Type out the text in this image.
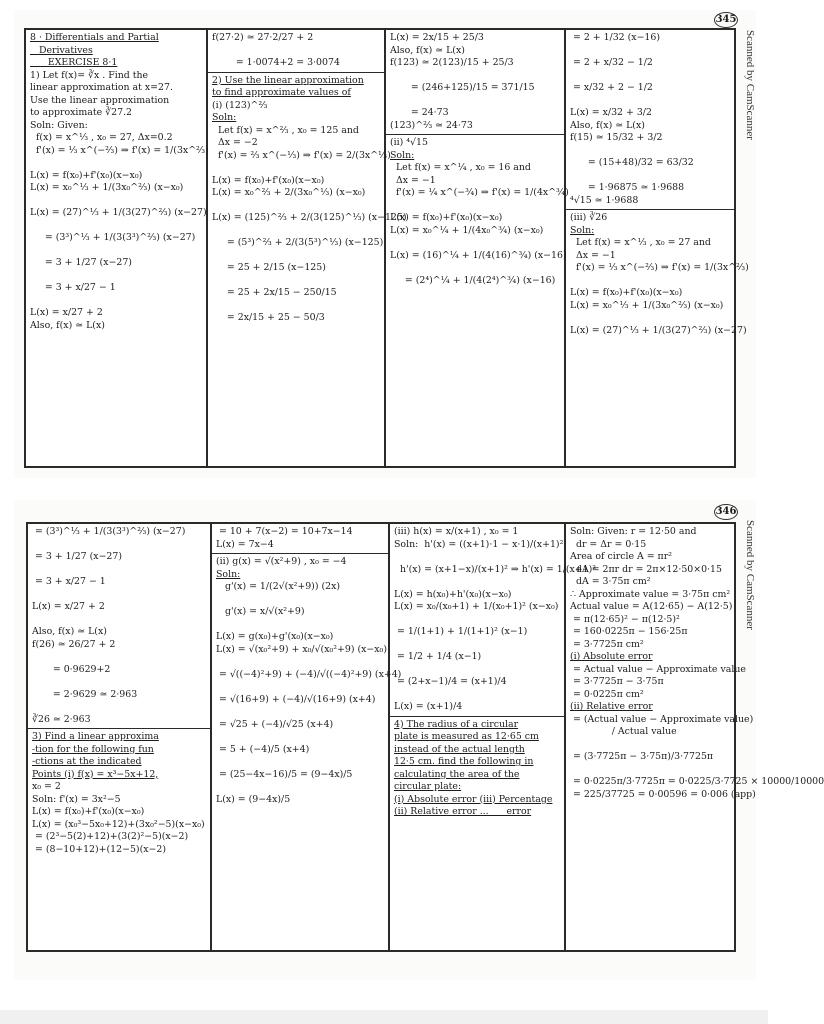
345
Scanned by CamScanner
8 · Differentials and Partial
Derivatives
EXERCISE 8·1
1) Let f(x)= ∛x . Find the
linear approximation at x=27.
Use the linear approximation
to approximate ∛27.2
Soln: Given:
f(x) = x^⅓ , x₀ = 27, Δx=0.2
f'(x) = ⅓ x^(−⅔) ⇒ f'(x) = 1/(3x^⅔)

L(x) = f(x₀)+f'(x₀)(x−x₀)
L(x) = x₀^⅓ + 1/(3x₀^⅔) (x−x₀)

L(x) = (27)^⅓ + 1/(3(27)^⅔) (x−27)

= (3³)^⅓ + 1/(3(3³)^⅔) (x−27)

= 3 + 1/27 (x−27)

= 3 + x/27 − 1

L(x) = x/27 + 2
Also, f(x) ≃ L(x)
f(27·2) ≃ 27·2/27 + 2

= 1·0074+2 = 3·0074
2) Use the linear approximation
to find approximate values of
(i) (123)^⅔
Soln:
Let f(x) = x^⅔ , x₀ = 125 and
Δx = −2
f'(x) = ⅔ x^(−⅓) ⇒ f'(x) = 2/(3x^⅓)

L(x) = f(x₀)+f'(x₀)(x−x₀)
L(x) = x₀^⅔ + 2/(3x₀^⅓) (x−x₀)

L(x) = (125)^⅔ + 2/(3(125)^⅓) (x−125)

= (5³)^⅔ + 2/(3(5³)^⅓) (x−125)

= 25 + 2/15 (x−125)

= 25 + 2x/15 − 250/15

= 2x/15 + 25 − 50/3
L(x) = 2x/15 + 25/3
Also, f(x) ≃ L(x)
f(123) ≃ 2(123)/15 + 25/3

= (246+125)/15 = 371/15

= 24·73
(123)^⅔ ≃ 24·73
(ii) ⁴√15
Soln:
Let f(x) = x^¼ , x₀ = 16 and
Δx = −1
f'(x) = ¼ x^(−¾) ⇒ f'(x) = 1/(4x^¾)

L(x) = f(x₀)+f'(x₀)(x−x₀)
L(x) = x₀^¼ + 1/(4x₀^¾) (x−x₀)

L(x) = (16)^¼ + 1/(4(16)^¾) (x−16)

= (2⁴)^¼ + 1/(4(2⁴)^¾) (x−16)
= 2 + 1/32 (x−16)

= 2 + x/32 − 1/2

= x/32 + 2 − 1/2

L(x) = x/32 + 3/2
Also, f(x) ≃ L(x)
f(15) ≃ 15/32 + 3/2

= (15+48)/32 = 63/32

= 1·96875 ≃ 1·9688
⁴√15 ≃ 1·9688
(iii) ∛26
Soln:
Let f(x) = x^⅓ , x₀ = 27 and
Δx = −1
f'(x) = ⅓ x^(−⅔) ⇒ f'(x) = 1/(3x^⅔)

L(x) = f(x₀)+f'(x₀)(x−x₀)
L(x) = x₀^⅓ + 1/(3x₀^⅔) (x−x₀)

L(x) = (27)^⅓ + 1/(3(27)^⅔) (x−27)
346
Scanned by CamScanner
= (3³)^⅓ + 1/(3(3³)^⅔) (x−27)

= 3 + 1/27 (x−27)

= 3 + x/27 − 1

L(x) = x/27 + 2

Also, f(x) ≃ L(x)
f(26) ≃ 26/27 + 2

= 0·9629+2

= 2·9629 ≃ 2·963

∛26 ≃ 2·963
3) Find a linear approxima
-tion for the following fun
-ctions at the indicated
Points (i) f(x) = x³−5x+12,
x₀ = 2
Soln: f'(x) = 3x²−5
L(x) = f(x₀)+f'(x₀)(x−x₀)
L(x) = (x₀³−5x₀+12)+(3x₀²−5)(x−x₀)
= (2³−5(2)+12)+(3(2)²−5)(x−2)
= (8−10+12)+(12−5)(x−2)
= 10 + 7(x−2) = 10+7x−14
L(x) = 7x−4
(ii) g(x) = √(x²+9) , x₀ = −4
Soln:
g'(x) = 1/(2√(x²+9)) (2x)

g'(x) = x/√(x²+9)

L(x) = g(x₀)+g'(x₀)(x−x₀)
L(x) = √(x₀²+9) + x₀/√(x₀²+9) (x−x₀)

= √((−4)²+9) + (−4)/√((−4)²+9) (x+4)

= √(16+9) + (−4)/√(16+9) (x+4)

= √25 + (−4)/√25 (x+4)

= 5 + (−4)/5 (x+4)

= (25−4x−16)/5 = (9−4x)/5

L(x) = (9−4x)/5
(iii) h(x) = x/(x+1) , x₀ = 1
Soln:  h'(x) = ((x+1)·1 − x·1)/(x+1)²

h'(x) = (x+1−x)/(x+1)² ⇒ h'(x) = 1/(x+1)²

L(x) = h(x₀)+h'(x₀)(x−x₀)
L(x) = x₀/(x₀+1) + 1/(x₀+1)² (x−x₀)

= 1/(1+1) + 1/(1+1)² (x−1)

= 1/2 + 1/4 (x−1)

= (2+x−1)/4 = (x+1)/4

L(x) = (x+1)/4
4) The radius of a circular
plate is measured as 12·65 cm
instead of the actual length
12·5 cm. find the following in
calculating the area of the
circular plate:
(i) Absolute error (iii) Percentage
(ii) Relative error ...      error
Soln: Given: r = 12·50 and
dr = Δr = 0·15
Area of circle A = πr²
dA = 2πr dr = 2π×12·50×0·15
dA = 3·75π cm²
∴ Approximate value = 3·75π cm²
Actual value = A(12·65) − A(12·5)
= π(12·65)² − π(12·5)²
= 160·0225π − 156·25π
= 3·7725π cm²
(i) Absolute error
= Actual value − Approximate value
= 3·7725π − 3·75π
= 0·0225π cm²
(ii) Relative error
= (Actual value − Approximate value)
/ Actual value

= (3·7725π − 3·75π)/3·7725π

= 0·0225π/3·7725π = 0·0225/3·7725 × 10000/10000
= 225/37725 = 0·00596 = 0·006 (app)
